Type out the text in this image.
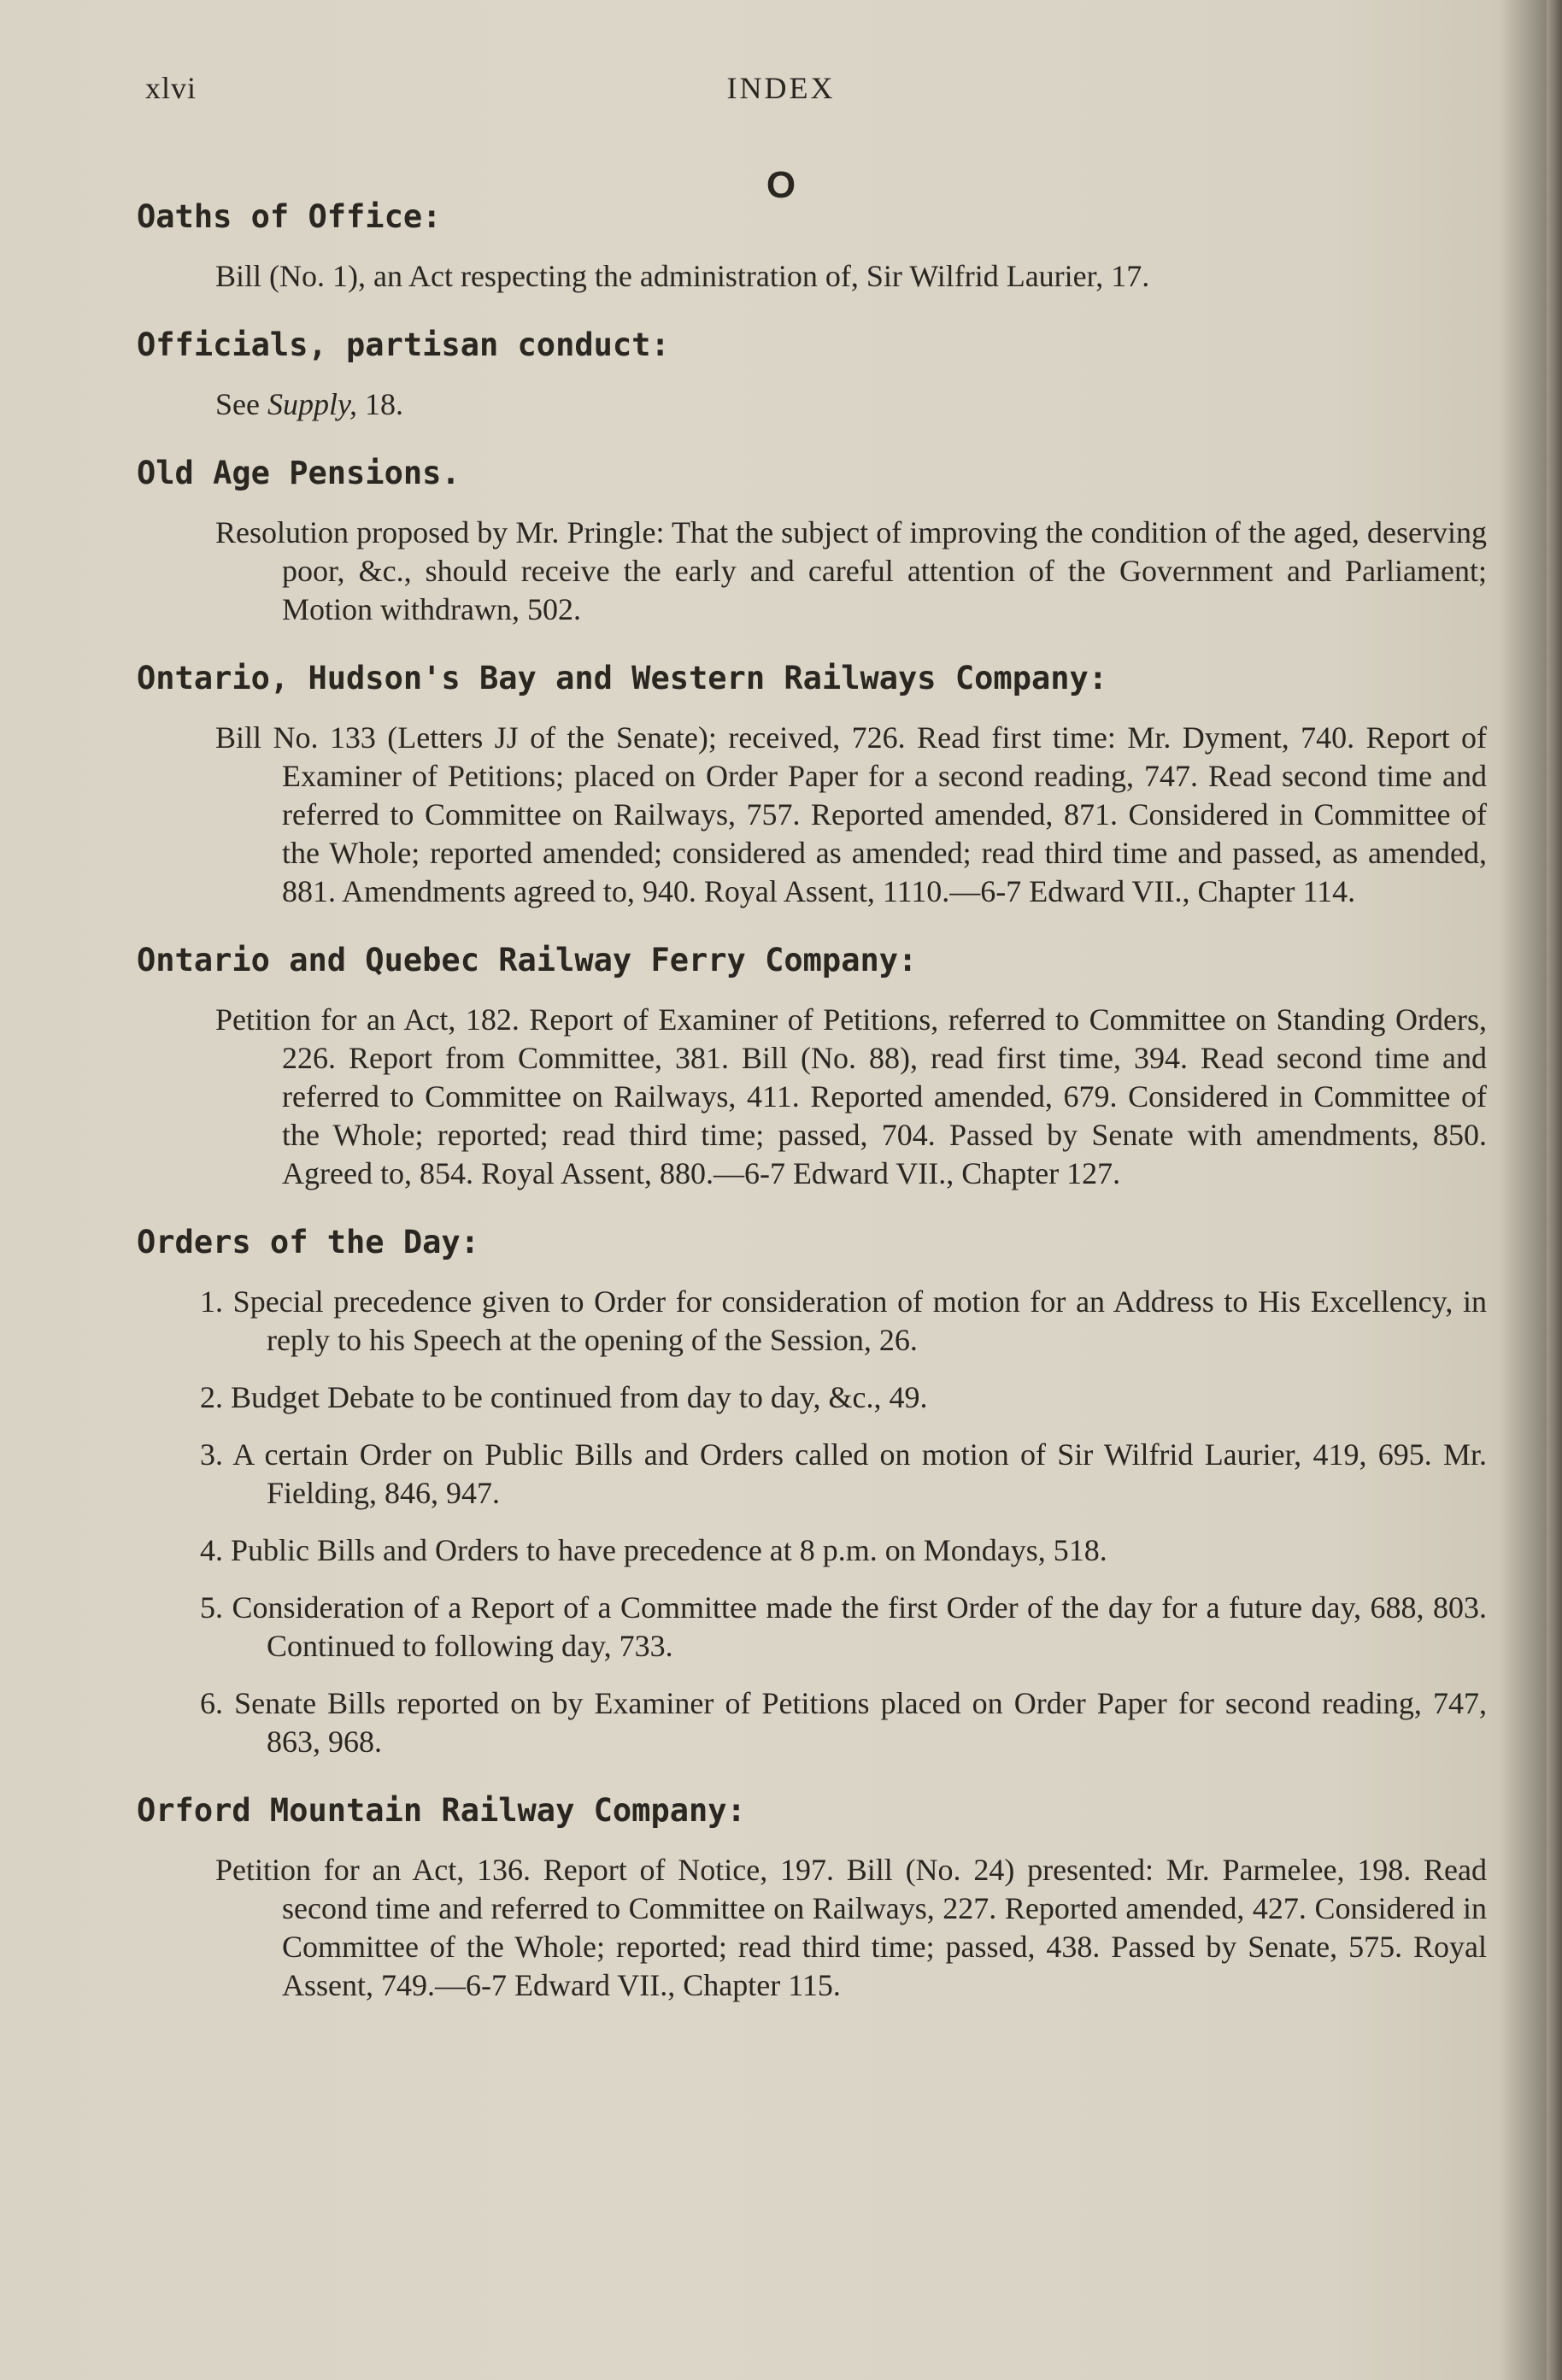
xlvi	INDEX
O
Oaths of Office:
Bill (No. 1), an Act respecting the administration of, Sir Wilfrid Laurier, 17.
Officials, partisan conduct:
See Supply, 18.
Old Age Pensions.
Resolution proposed by Mr. Pringle: That the subject of improving the condition of the aged, deserving poor, &c., should receive the early and careful attention of the Government and Parliament; Motion withdrawn, 502.
Ontario, Hudson's Bay and Western Railways Company:
Bill No. 133 (Letters JJ of the Senate); received, 726. Read first time: Mr. Dyment, 740. Report of Examiner of Petitions; placed on Order Paper for a second reading, 747. Read second time and referred to Committee on Railways, 757. Reported amended, 871. Considered in Committee of the Whole; reported amended; considered as amended; read third time and passed, as amended, 881. Amendments agreed to, 940. Royal Assent, 1110.—6-7 Edward VII., Chapter 114.
Ontario and Quebec Railway Ferry Company:
Petition for an Act, 182. Report of Examiner of Petitions, referred to Committee on Standing Orders, 226. Report from Committee, 381. Bill (No. 88), read first time, 394. Read second time and referred to Committee on Railways, 411. Reported amended, 679. Considered in Committee of the Whole; reported; read third time; passed, 704. Passed by Senate with amendments, 850. Agreed to, 854. Royal Assent, 880.—6-7 Edward VII., Chapter 127.
Orders of the Day:
1. Special precedence given to Order for consideration of motion for an Address to His Excellency, in reply to his Speech at the opening of the Session, 26.
2. Budget Debate to be continued from day to day, &c., 49.
3. A certain Order on Public Bills and Orders called on motion of Sir Wilfrid Laurier, 419, 695. Mr. Fielding, 846, 947.
4. Public Bills and Orders to have precedence at 8 p.m. on Mondays, 518.
5. Consideration of a Report of a Committee made the first Order of the day for a future day, 688, 803. Continued to following day, 733.
6. Senate Bills reported on by Examiner of Petitions placed on Order Paper for second reading, 747, 863, 968.
Orford Mountain Railway Company:
Petition for an Act, 136. Report of Notice, 197. Bill (No. 24) presented: Mr. Parmelee, 198. Read second time and referred to Committee on Railways, 227. Reported amended, 427. Considered in Committee of the Whole; reported; read third time; passed, 438. Passed by Senate, 575. Royal Assent, 749.—6-7 Edward VII., Chapter 115.
